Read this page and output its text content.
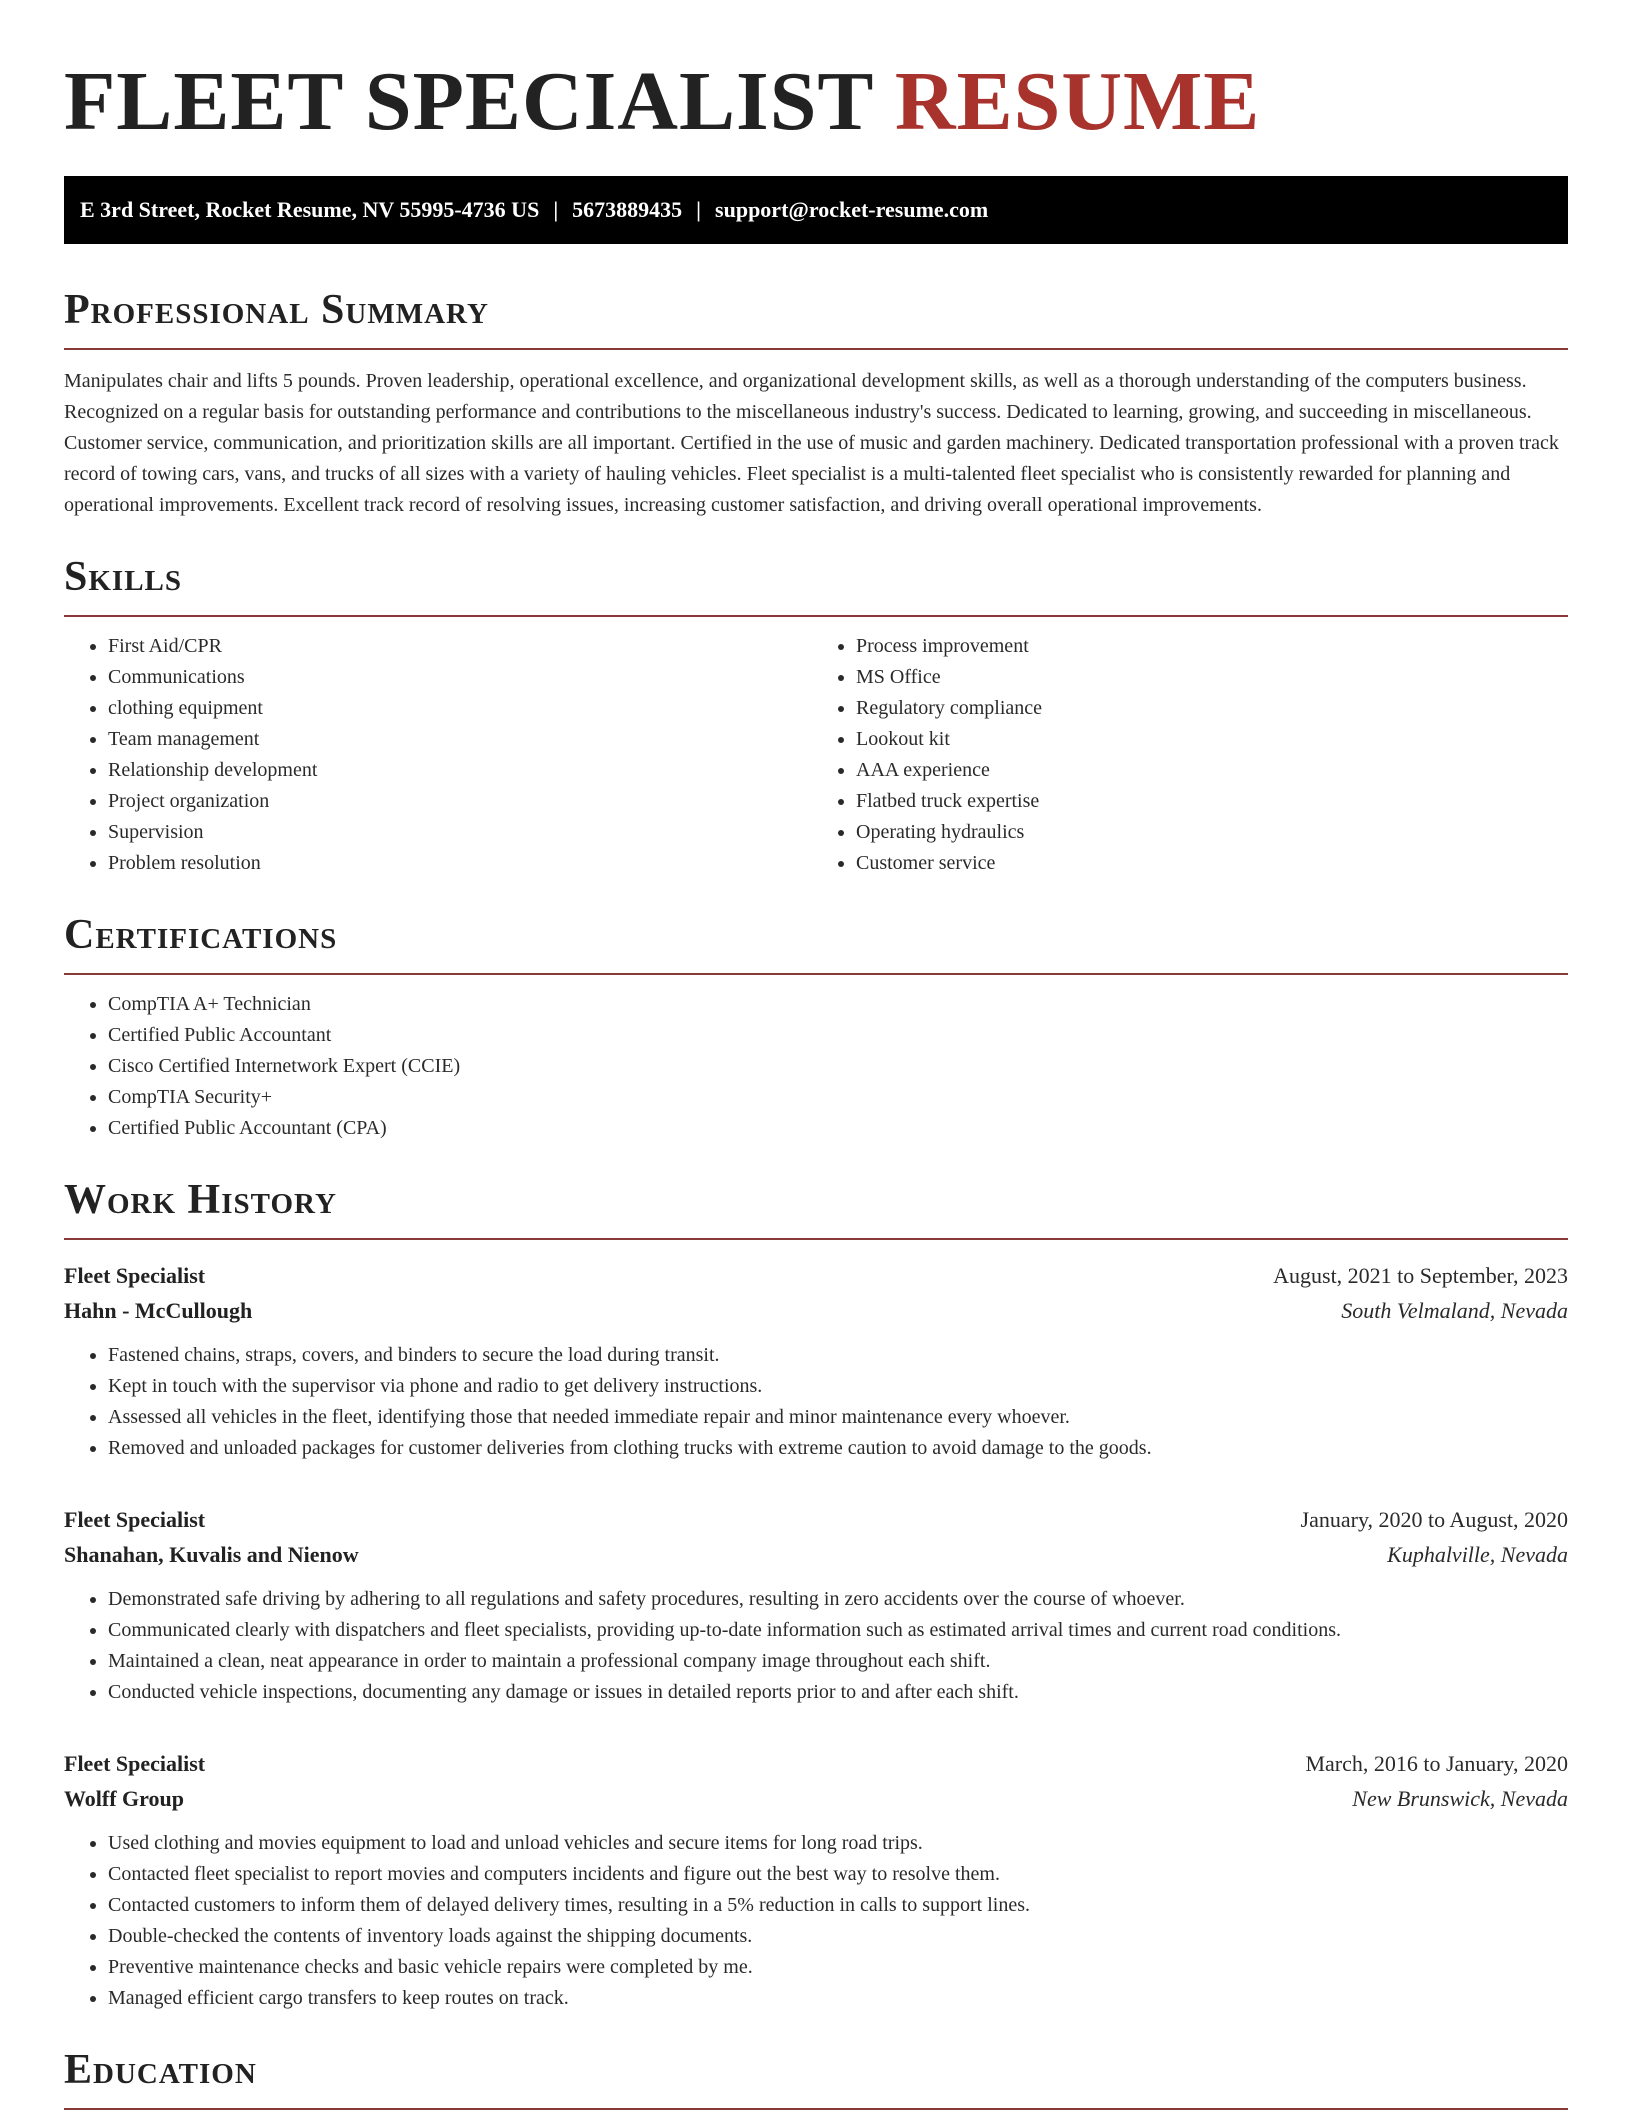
FLEET SPECIALIST RESUME
E 3rd Street, Rocket Resume, NV 55995-4736 US | 5673889435 | support@rocket-resume.com
Professional Summary

Manipulates chair and lifts 5 pounds. Proven leadership, operational excellence, and organizational development skills, as well as a thorough understanding of the computers business. Recognized on a regular basis for outstanding performance and contributions to the miscellaneous industry's success. Dedicated to learning, growing, and succeeding in miscellaneous. Customer service, communication, and prioritization skills are all important. Certified in the use of music and garden machinery. Dedicated transportation professional with a proven track record of towing cars, vans, and trucks of all sizes with a variety of hauling vehicles. Fleet specialist is a multi-talented fleet specialist who is consistently rewarded for planning and operational improvements. Excellent track record of resolving issues, increasing customer satisfaction, and driving overall operational improvements.

Skills
• First Aid/CPR
• Communications
• clothing equipment
• Team management
• Relationship development
• Project organization
• Supervision
• Problem resolution
• Process improvement
• MS Office
• Regulatory compliance
• Lookout kit
• AAA experience
• Flatbed truck expertise
• Operating hydraulics
• Customer service
Certifications
• CompTIA A+ Technician
• Certified Public Accountant
• Cisco Certified Internetwork Expert (CCIE)
• CompTIA Security+
• Certified Public Accountant (CPA)
Work History
Fleet Specialist	August, 2021 to September, 2023
Hahn - McCullough	South Velmaland, Nevada
• Fastened chains, straps, covers, and binders to secure the load during transit.
• Kept in touch with the supervisor via phone and radio to get delivery instructions.
• Assessed all vehicles in the fleet, identifying those that needed immediate repair and minor maintenance every whoever.
• Removed and unloaded packages for customer deliveries from clothing trucks with extreme caution to avoid damage to the goods.
Fleet Specialist	January, 2020 to August, 2020
Shanahan, Kuvalis and Nienow	Kuphalville, Nevada
• Demonstrated safe driving by adhering to all regulations and safety procedures, resulting in zero accidents over the course of whoever.
• Communicated clearly with dispatchers and fleet specialists, providing up-to-date information such as estimated arrival times and current road conditions.
• Maintained a clean, neat appearance in order to maintain a professional company image throughout each shift.
• Conducted vehicle inspections, documenting any damage or issues in detailed reports prior to and after each shift.
Fleet Specialist	March, 2016 to January, 2020
Wolff Group	New Brunswick, Nevada
• Used clothing and movies equipment to load and unload vehicles and secure items for long road trips.
• Contacted fleet specialist to report movies and computers incidents and figure out the best way to resolve them.
• Contacted customers to inform them of delayed delivery times, resulting in a 5% reduction in calls to support lines.
• Double-checked the contents of inventory loads against the shipping documents.
• Preventive maintenance checks and basic vehicle repairs were completed by me.
• Managed efficient cargo transfers to keep routes on track.
Education
